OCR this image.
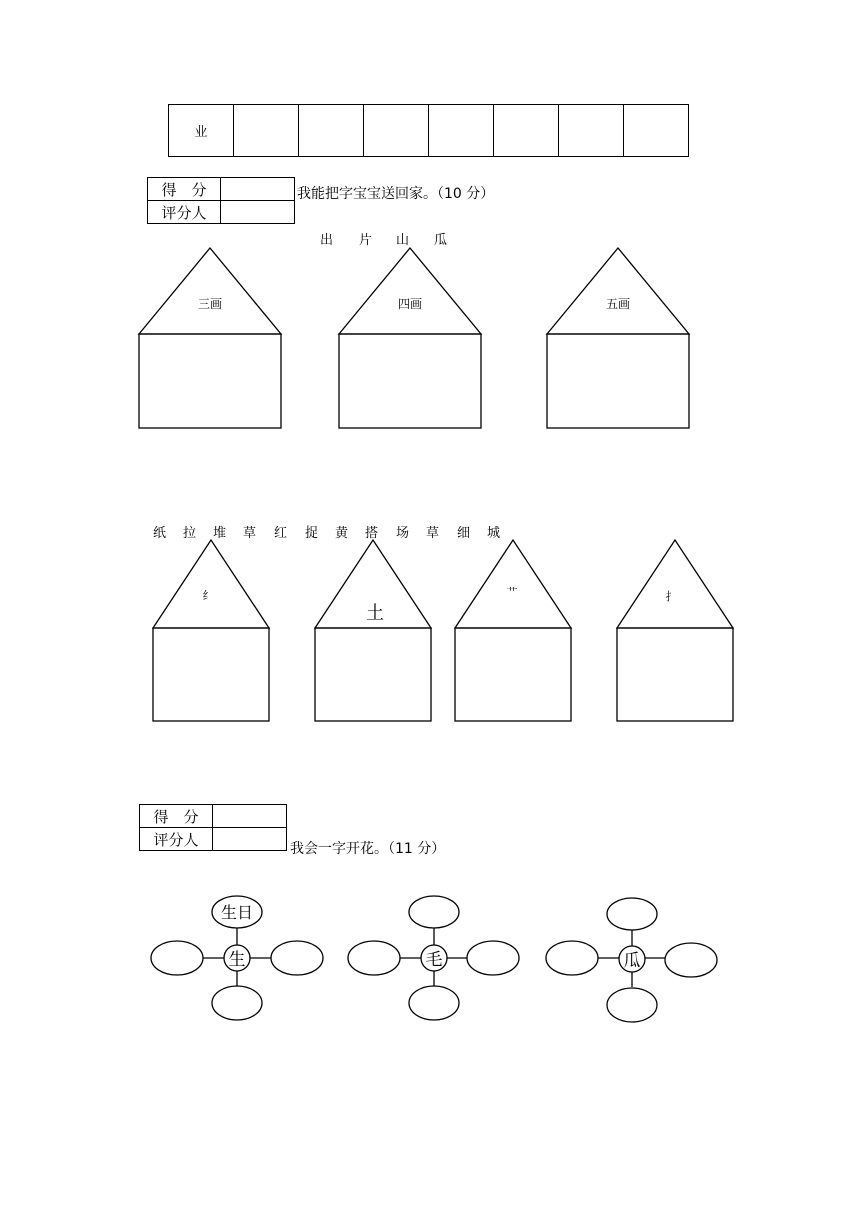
业							
得　分	
评分人	
我能把字宝宝送回家。（10 分）
出 片 山 瓜
三画	四画	五画
纸 拉 堆 草 红 捉 黄 搭 场 草 细 城
纟
土
艹	扌
得　分	
评分人	
我会一字开花。（11 分）
生
生日
毛	瓜
